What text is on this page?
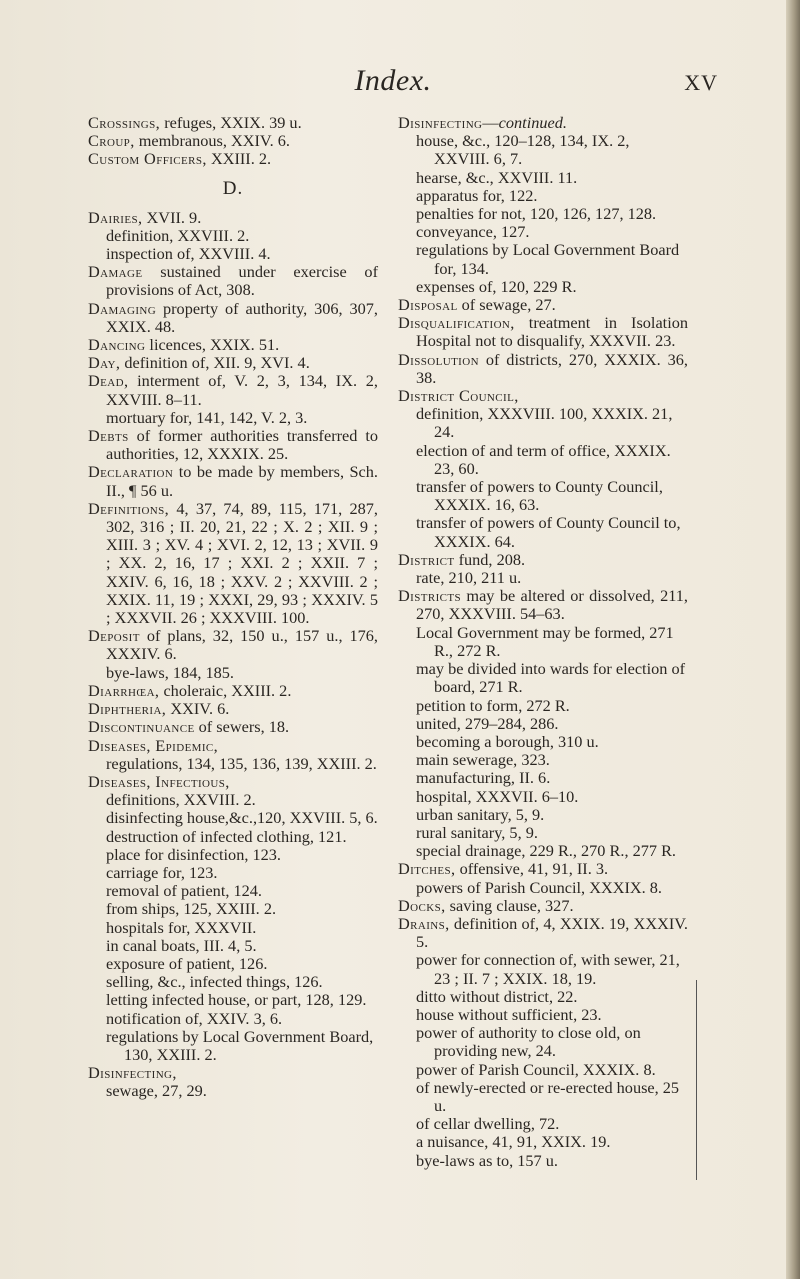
Index.	XV
Crossings, refuges, XXIX. 39 u.
Croup, membranous, XXIV. 6.
Custom Officers, XXIII. 2.
D.
Dairies, XVII. 9.
definition, XXVIII. 2.
inspection of, XXVIII. 4.
Damage sustained under exercise of provisions of Act, 308.
Damaging property of authority, 306, 307, XXIX. 48.
Dancing licences, XXIX. 51.
Day, definition of, XII. 9, XVI. 4.
Dead, interment of, V. 2, 3, 134, IX. 2, XXVIII. 8–11.
mortuary for, 141, 142, V. 2, 3.
Debts of former authorities transferred to authorities, 12, XXXIX. 25.
Declaration to be made by members, Sch. II., ¶ 56 u.
Definitions, 4, 37, 74, 89, 115, 171, 287, 302, 316 ; II. 20, 21, 22 ; X. 2 ; XII. 9 ; XIII. 3 ; XV. 4 ; XVI. 2, 12, 13 ; XVII. 9 ; XX. 2, 16, 17 ; XXI. 2 ; XXII. 7 ; XXIV. 6, 16, 18 ; XXV. 2 ; XXVIII. 2 ; XXIX. 11, 19 ; XXXI, 29, 93 ; XXXIV. 5 ; XXXVII. 26 ; XXXVIII. 100.
Deposit of plans, 32, 150 u., 157 u., 176, XXXIV. 6.
bye-laws, 184, 185.
Diarrhœa, choleraic, XXIII. 2.
Diphtheria, XXIV. 6.
Discontinuance of sewers, 18.
Diseases, Epidemic,
regulations, 134, 135, 136, 139, XXIII. 2.
Diseases, Infectious,
definitions, XXVIII. 2.
disinfecting house,&c.,120, XXVIII. 5, 6.
destruction of infected clothing, 121.
place for disinfection, 123.
carriage for, 123.
removal of patient, 124.
from ships, 125, XXIII. 2.
hospitals for, XXXVII.
in canal boats, III. 4, 5.
exposure of patient, 126.
selling, &c., infected things, 126.
letting infected house, or part, 128, 129.
notification of, XXIV. 3, 6.
regulations by Local Government Board, 130, XXIII. 2.
Disinfecting,
sewage, 27, 29.
Disinfecting—continued.
house, &c., 120–128, 134, IX. 2, XXVIII. 6, 7.
hearse, &c., XXVIII. 11.
apparatus for, 122.
penalties for not, 120, 126, 127, 128.
conveyance, 127.
regulations by Local Government Board for, 134.
expenses of, 120, 229 R.
Disposal of sewage, 27.
Disqualification, treatment in Isolation Hospital not to disqualify, XXXVII. 23.
Dissolution of districts, 270, XXXIX. 36, 38.
District Council,
definition, XXXVIII. 100, XXXIX. 21, 24.
election of and term of office, XXXIX. 23, 60.
transfer of powers to County Council, XXXIX. 16, 63.
transfer of powers of County Council to, XXXIX. 64.
District fund, 208.
rate, 210, 211 u.
Districts may be altered or dissolved, 211, 270, XXXVIII. 54–63.
Local Government may be formed, 271 R., 272 R.
may be divided into wards for election of board, 271 R.
petition to form, 272 R.
united, 279–284, 286.
becoming a borough, 310 u.
main sewerage, 323.
manufacturing, II. 6.
hospital, XXXVII. 6–10.
urban sanitary, 5, 9.
rural sanitary, 5, 9.
special drainage, 229 R., 270 R., 277 R.
Ditches, offensive, 41, 91, II. 3.
powers of Parish Council, XXXIX. 8.
Docks, saving clause, 327.
Drains, definition of, 4, XXIX. 19, XXXIV. 5.
power for connection of, with sewer, 21, 23 ; II. 7 ; XXIX. 18, 19.
ditto without district, 22.
house without sufficient, 23.
power of authority to close old, on providing new, 24.
power of Parish Council, XXXIX. 8.
of newly-erected or re-erected house, 25 u.
of cellar dwelling, 72.
a nuisance, 41, 91, XXIX. 19.
bye-laws as to, 157 u.
